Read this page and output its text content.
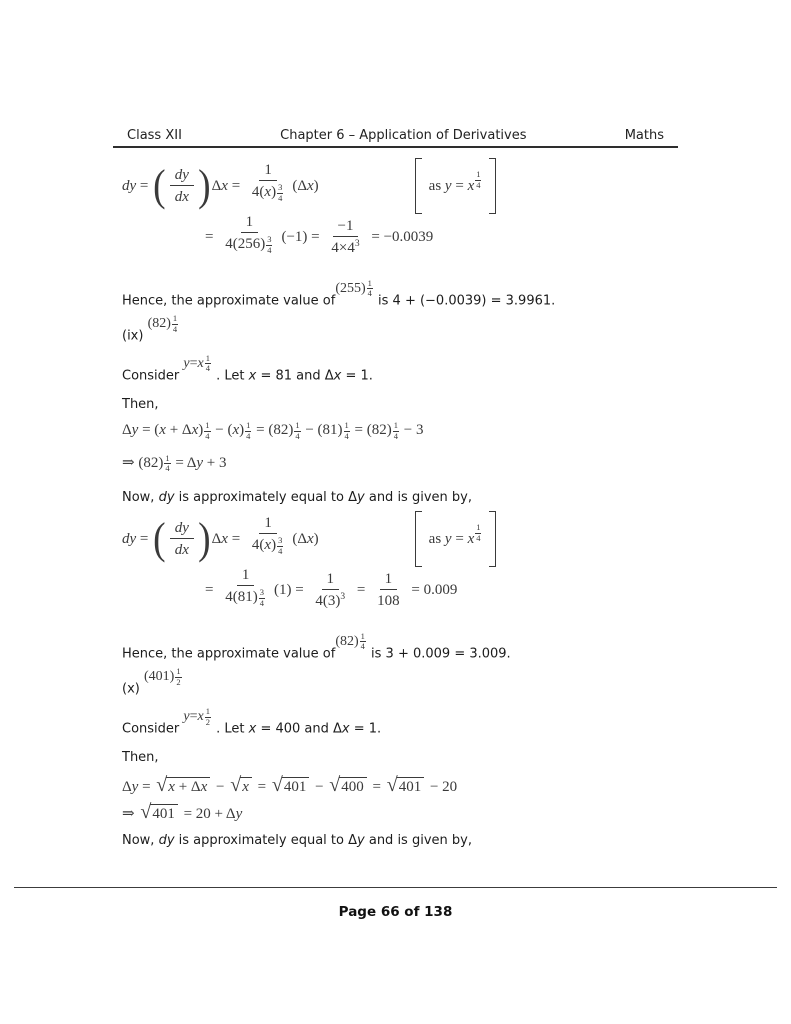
Class XII	Chapter 6 – Application of Derivatives	Maths
dy = ( $\frac{dy}{dx}$ ) Δ x = 1
4( x ) 3
4 (Δ x )	as y = x
1
4
= 1
4(256) 3
4 $(-1) = \frac{-1}{4\times 4 3} = -0.0039$
Hence, the approximate value of
(255) 1
4 is 4 + (−0.0039) = 3.9961.
(ix)
(82) 1
4
Consider
y = x 1
4 . Let x = 81 and Δx = 1.
Then,
$\Delta y = (x + \Delta x) \frac{1}{4} - (x) \frac{1}{4} = (82) \frac{1}{4} - (81) \frac{1}{4} = (82) \frac{1}{4} - 3$
⇒ $(82) \frac{1}{4} = \Delta y + 3$
Now, dy is approximately equal to Δy and is given by,
dy = ( $\frac{dy}{dx}$ ) Δ x = 1
4( x ) 3
4 (Δ x )	as y = x
1
4
= 1
4(81) 3
4 $(1) = \frac{1}{4(3) 3} = \frac{1}{108} = 0.009$
Hence, the approximate value of
(82) 1
4 is 3 + 0.009 = 3.009.
(x)
(401) 1
2
Consider
y = x 1
2 . Let x = 400 and Δx = 1.
Then,
Δy = √ x + Δx − √ x = √ 401 − √ 400 = √ 401 − 20
⇒ √ 401 = 20 + Δy
Now, dy is approximately equal to Δy and is given by,
Page 66 of 138
